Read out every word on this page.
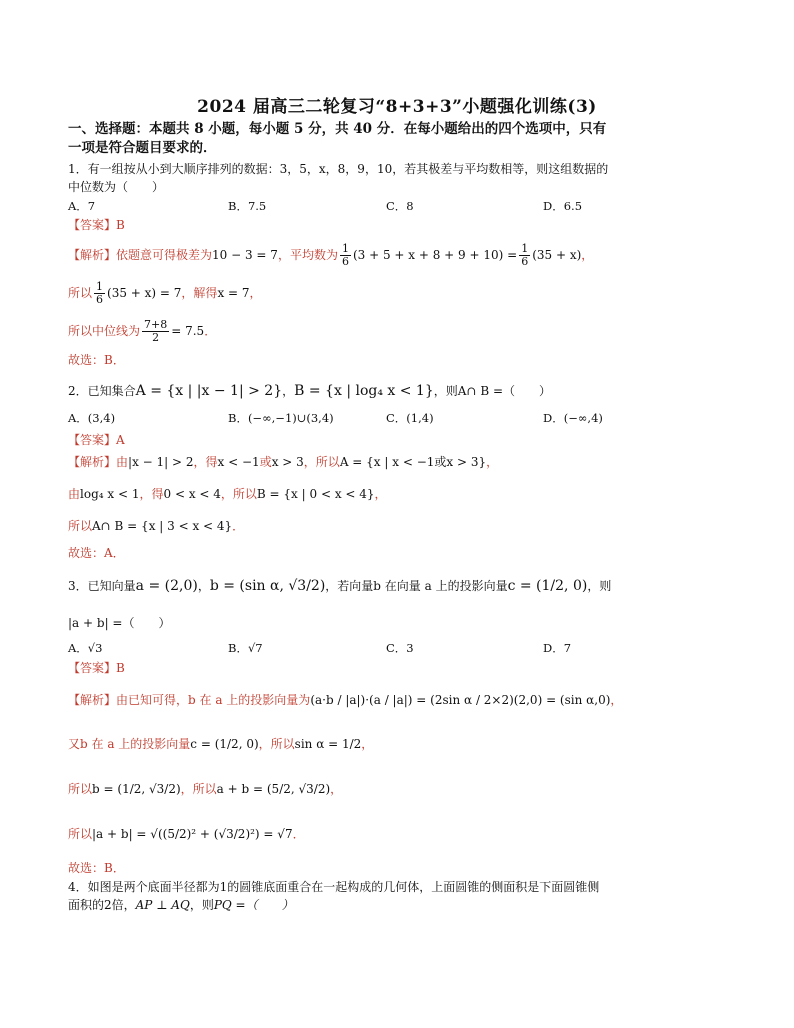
2024 届高三二轮复习“8+3+3”小题强化训练(3)
一、选择题：本题共 8 小题，每小题 5 分，共 40 分．在每小题给出的四个选项中，只有
一项是符合题目要求的．
1．有一组按从小到大顺序排列的数据：3，5，x，8，9，10，若其极差与平均数相等，则这组数据的
中位数为（　　）
A．7	B．7.5	C．8	D．6.5
【答案】B
【解析】依题意可得极差为10 − 3 = 7，平均数为 $\frac{1}{6} (3 + 5 + x + 8 + 9 + 10) = \frac{1}{6} (35 + x)$，
所以 $\frac{1}{6} (35 + x) = 7$，解得x = 7，
所以中位线为 $\frac{7+8}{2} = 7.5$．
故选：B．
2．已知集合A = {x | |x − 1| > 2}，B = {x | log₄ x < 1}，则A∩ B =（　　）
A．(3,4)	B．(−∞,−1)∪(3,4)	C．(1,4)	D．(−∞,4)
【答案】A
【解析】由|x − 1| > 2，得x < −1或x > 3，所以A = {x | x < −1或x > 3}，
由log₄ x < 1，得0 < x < 4，所以B = {x | 0 < x < 4}，
所以A∩ B = {x | 3 < x < 4}．
故选：A．
3．已知向量a = (2,0)，b = (sin α, √3/2)，若向量b 在向量 a 上的投影向量c = (1/2, 0)，则
|a + b| =（　　）
A．√3	B．√7	C．3	D．7
【答案】B
【解析】由已知可得，b 在 a 上的投影向量为(a·b / |a|)·(a / |a|) = (2sin α / 2×2)(2,0) = (sin α,0)，
又b 在 a 上的投影向量c = (1/2, 0)，所以sin α = 1/2，
所以b = (1/2, √3/2)，所以a + b = (5/2, √3/2)，
所以|a + b| = √((5/2)² + (√3/2)²) = √7．
故选：B．
4．如图是两个底面半径都为1的圆锥底面重合在一起构成的几何体，上面圆锥的侧面积是下面圆锥侧
面积的2倍，AP ⊥ AQ，则PQ =（　　）
